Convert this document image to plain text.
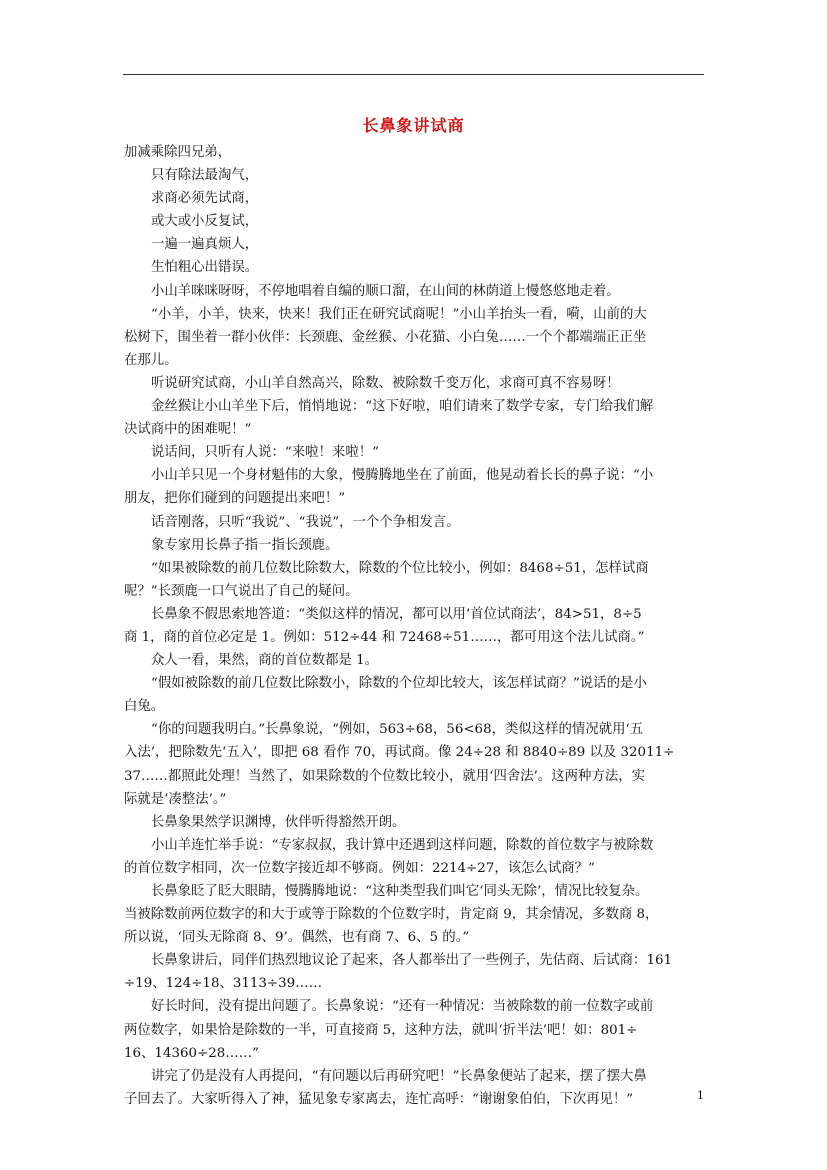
长鼻象讲试商
加减乘除四兄弟，
只有除法最淘气，
求商必须先试商，
或大或小反复试，
一遍一遍真烦人，
生怕粗心出错误。
小山羊咪咪呀呀，不停地唱着自编的顺口溜，在山间的林荫道上慢悠悠地走着。
“小羊，小羊，快来，快来！我们正在研究试商呢！”小山羊抬头一看，嗬，山前的大
松树下，围坐着一群小伙伴：长颈鹿、金丝猴、小花猫、小白兔……一个个都端端正正坐
在那儿。
听说研究试商，小山羊自然高兴，除数、被除数千变万化，求商可真不容易呀！
金丝猴让小山羊坐下后，悄悄地说：“这下好啦，咱们请来了数学专家，专门给我们解
决试商中的困难呢！”
说话间，只听有人说：“来啦！来啦！”
小山羊只见一个身材魁伟的大象，慢腾腾地坐在了前面，他晃动着长长的鼻子说：“小
朋友，把你们碰到的问题提出来吧！”
话音刚落，只听“我说”、“我说”，一个个争相发言。
象专家用长鼻子指一指长颈鹿。
“如果被除数的前几位数比除数大，除数的个位比较小，例如：8468÷51，怎样试商
呢？”长颈鹿一口气说出了自己的疑问。
长鼻象不假思索地答道：“类似这样的情况，都可以用‘首位试商法’，84>51，8÷5
商 1，商的首位必定是 1。例如：512÷44 和 72468÷51……，都可用这个法儿试商。”
众人一看，果然，商的首位数都是 1。
“假如被除数的前几位数比除数小，除数的个位却比较大，该怎样试商？”说话的是小
白兔。
“你的问题我明白。”长鼻象说，“例如，563÷68，56<68，类似这样的情况就用‘五
入法’，把除数先‘五入’，即把 68 看作 70，再试商。像 24÷28 和 8840÷89 以及 32011÷
37……都照此处理！当然了，如果除数的个位数比较小，就用‘四舍法’。这两种方法，实
际就是‘凑整法’。”
长鼻象果然学识渊博，伙伴听得豁然开朗。
小山羊连忙举手说：“专家叔叔，我计算中还遇到这样问题，除数的首位数字与被除数
的首位数字相同，次一位数字接近却不够商。例如：2214÷27，该怎么试商？”
长鼻象眨了眨大眼睛，慢腾腾地说：“这种类型我们叫它‘同头无除’，情况比较复杂。
当被除数前两位数字的和大于或等于除数的个位数字时，肯定商 9，其余情况，多数商 8，
所以说，‘同头无除商 8、9’。偶然，也有商 7、6、5 的。”
长鼻象讲后，同伴们热烈地议论了起来，各人都举出了一些例子，先估商、后试商：161
÷19、124÷18、3113÷39……
好长时间，没有提出问题了。长鼻象说：“还有一种情况：当被除数的前一位数字或前
两位数字，如果恰是除数的一半，可直接商 5，这种方法，就叫‘折半法’吧！如：801÷
16、14360÷28……”
讲完了仍是没有人再提问，“有问题以后再研究吧！”长鼻象便站了起来，摆了摆大鼻
子回去了。大家听得入了神，猛见象专家离去，连忙高呼：“谢谢象伯伯，下次再见！”	1
